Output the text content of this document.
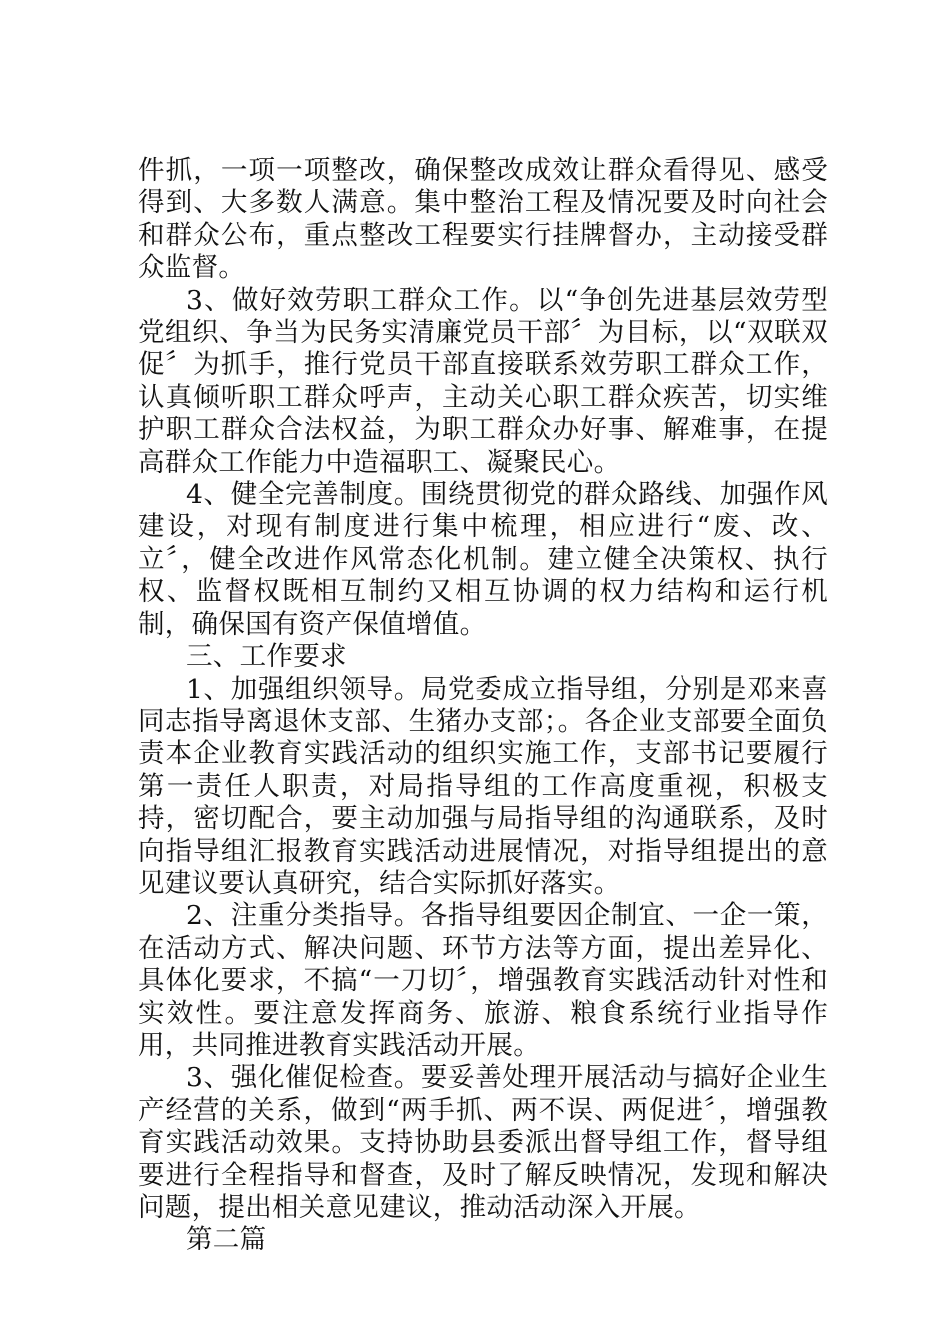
件抓，一项一项整改，确保整改成效让群众看得见、感受得到、大多数人满意。集中整治工程及情况要及时向社会和群众公布，重点整改工程要实行挂牌督办，主动接受群众监督。

3、做好效劳职工群众工作。以“争创先进基层效劳型党组织、争当为民务实清廉党员干部〞为目标，以“双联双促〞为抓手，推行党员干部直接联系效劳职工群众工作，认真倾听职工群众呼声，主动关心职工群众疾苦，切实维护职工群众合法权益，为职工群众办好事、解难事，在提高群众工作能力中造福职工、凝聚民心。

4、健全完善制度。围绕贯彻党的群众路线、加强作风建设，对现有制度进行集中梳理，相应进行“废、改、立〞，健全改进作风常态化机制。建立健全决策权、执行权、监督权既相互制约又相互协调的权力结构和运行机制，确保国有资产保值增值。

三、工作要求

1、加强组织领导。局党委成立指导组，分别是邓来喜同志指导离退休支部、生猪办支部；。各企业支部要全面负责本企业教育实践活动的组织实施工作，支部书记要履行第一责任人职责，对局指导组的工作高度重视，积极支持，密切配合，要主动加强与局指导组的沟通联系，及时向指导组汇报教育实践活动进展情况，对指导组提出的意见建议要认真研究，结合实际抓好落实。

2、注重分类指导。各指导组要因企制宜、一企一策，在活动方式、解决问题、环节方法等方面，提出差异化、具体化要求，不搞“一刀切〞，增强教育实践活动针对性和实效性。要注意发挥商务、旅游、粮食系统行业指导作用，共同推进教育实践活动开展。

3、强化催促检查。要妥善处理开展活动与搞好企业生产经营的关系，做到“两手抓、两不误、两促进〞，增强教育实践活动效果。支持协助县委派出督导组工作，督导组要进行全程指导和督查，及时了解反映情况，发现和解决问题，提出相关意见建议，推动活动深入开展。

第二篇
